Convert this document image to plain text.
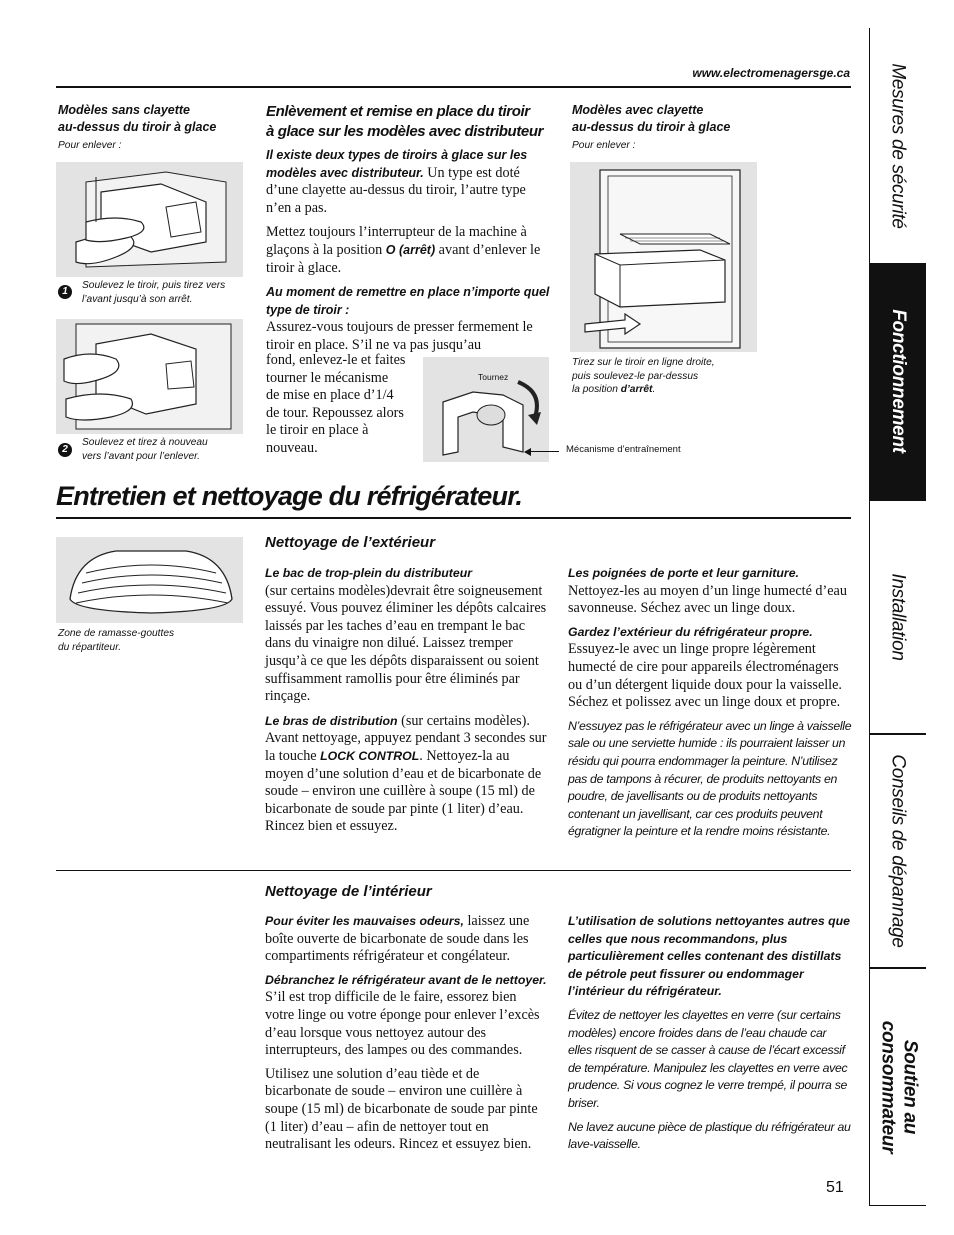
www.electromenagersge.ca Mesures de sécurité
Fonctionnement
Installation
Conseils de dépannage
Soutien au
consommateur
Modèles sans clayette
au-dessus du tiroir à glace
Pour enlever :
1
Soulevez le tiroir, puis tirez vers
l’avant jusqu’à son arrêt.
2
Soulevez et tirez à nouveau
vers l’avant pour l’enlever.
Enlèvement et remise en place du tiroir
à glace sur les modèles avec distributeur

Il existe deux types de tiroirs à glace sur les modèles avec distributeur. Un type est doté d’une clayette au-dessus du tiroir, l’autre type n’en a pas.

Mettez toujours l’interrupteur de la machine à glaçons à la position O (arrêt) avant d’enlever le tiroir à glace.

Au moment de remettre en place n’importe quel type de tiroir :

Assurez-vous toujours de presser fermement le tiroir en place. S’il ne va pas jusqu’au

fond, enlevez-le et faites
tourner le mécanisme
de mise en place d’1/4
de tour. Repoussez alors
le tiroir en place à
nouveau.
Tournez
Mécanisme d’entraînement
Modèles avec clayette
au-dessus du tiroir à glace
Pour enlever :
Tirez sur le tiroir en ligne droite,
puis soulevez-le par-dessus
la position d’arrêt.
Entretien et nettoyage du réfrigérateur.
Zone de ramasse-gouttes
du répartiteur.
Nettoyage de l’extérieur

Le bac de trop-plein du distributeur

(sur certains modèles)devrait être soigneusement essuyé. Vous pouvez éliminer les dépôts calcaires laissés par les taches d’eau en trempant le bac dans du vinaigre non dilué. Laissez tremper jusqu’à ce que les dépôts disparaissent ou soient suffisamment ramollis pour être éliminés par rinçage.

Le bras de distribution (sur certains modèles). Avant nettoyage, appuyez pendant 3 secondes sur la touche LOCK CONTROL. Nettoyez-la au moyen d’une solution d’eau et de bicarbonate de soude – environ une cuillère à soupe (15 ml) de bicarbonate de soude par pinte (1 liter) d’eau. Rincez bien et essuyez.

Les poignées de porte et leur garniture.

Nettoyez-les au moyen d’un linge humecté d’eau savonneuse. Séchez avec un linge doux.

Gardez l’extérieur du réfrigérateur propre.

Essuyez-le avec un linge propre légèrement humecté de cire pour appareils électroménagers ou d’un détergent liquide doux pour la vaisselle. Séchez et polissez avec un linge doux et propre.

N’essuyez pas le réfrigérateur avec un linge à vaisselle sale ou une serviette humide : ils pourraient laisser un résidu qui pourra endommager la peinture. N’utilisez pas de tampons à récurer, de produits nettoyants en poudre, de javellisants ou de produits nettoyants contenant un javellisant, car ces produits peuvent égratigner la peinture et la rendre moins résistante.

Nettoyage de l’intérieur

Pour éviter les mauvaises odeurs, laissez une boîte ouverte de bicarbonate de soude dans les compartiments réfrigérateur et congélateur.

Débranchez le réfrigérateur avant de le nettoyer. S’il est trop difficile de le faire, essorez bien votre linge ou votre éponge pour enlever l’excès d’eau lorsque vous nettoyez autour des interrupteurs, des lampes ou des commandes.

Utilisez une solution d’eau tiède et de bicarbonate de soude – environ une cuillère à soupe (15 ml) de bicarbonate de soude par pinte (1 liter) d’eau – afin de nettoyer tout en neutralisant les odeurs. Rincez et essuyez bien.

L’utilisation de solutions nettoyantes autres que celles que nous recommandons, plus particulièrement celles contenant des distillats de pétrole peut fissurer ou endommager l’intérieur du réfrigérateur.

Évitez de nettoyer les clayettes en verre (sur certains modèles) encore froides dans de l’eau chaude car elles risquent de se casser à cause de l’écart excessif de température. Manipulez les clayettes en verre avec prudence. Si vous cognez le verre trempé, il pourra se briser.

Ne lavez aucune pièce de plastique du réfrigérateur au lave-vaisselle.

51
